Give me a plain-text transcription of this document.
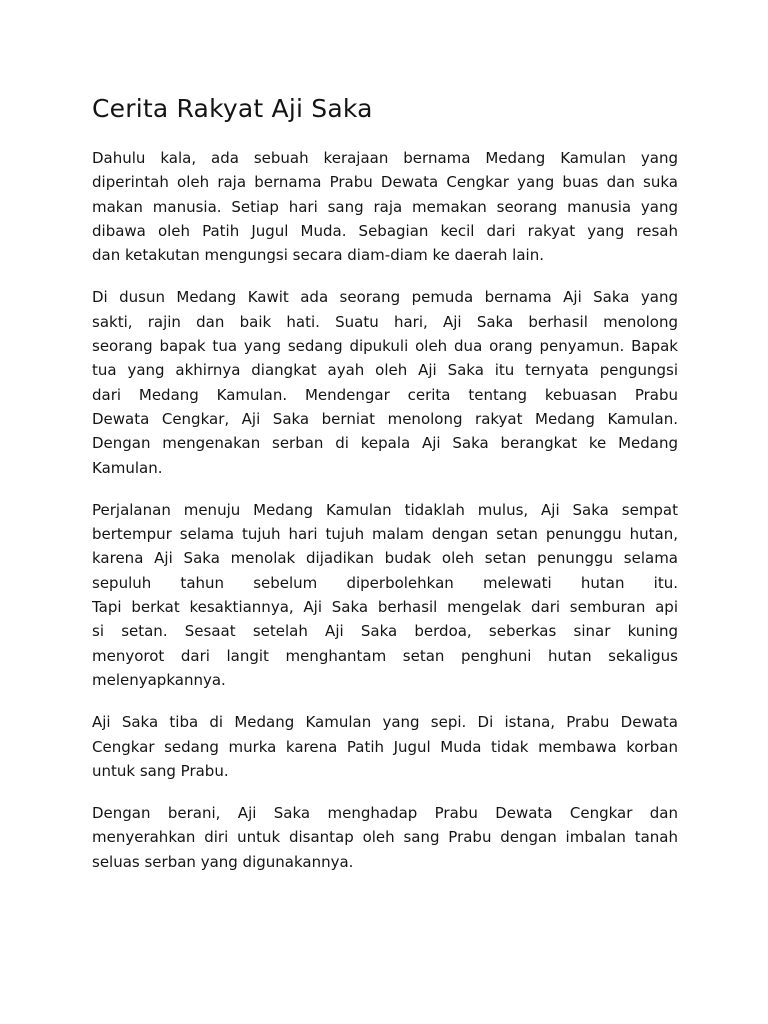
Cerita Rakyat Aji Saka
Dahulu kala, ada sebuah kerajaan bernama Medang Kamulan yang
diperintah oleh raja bernama Prabu Dewata Cengkar yang buas dan suka
makan manusia. Setiap hari sang raja memakan seorang manusia yang
dibawa oleh Patih Jugul Muda. Sebagian kecil dari rakyat yang resah
dan ketakutan mengungsi secara diam-diam ke daerah lain.
Di dusun Medang Kawit ada seorang pemuda bernama Aji Saka yang
sakti, rajin dan baik hati. Suatu hari, Aji Saka berhasil menolong
seorang bapak tua yang sedang dipukuli oleh dua orang penyamun. Bapak
tua yang akhirnya diangkat ayah oleh Aji Saka itu ternyata pengungsi
dari Medang Kamulan. Mendengar cerita tentang kebuasan Prabu
Dewata Cengkar, Aji Saka berniat menolong rakyat Medang Kamulan.
Dengan mengenakan serban di kepala Aji Saka berangkat ke Medang
Kamulan.
Perjalanan menuju Medang Kamulan tidaklah mulus, Aji Saka sempat
bertempur selama tujuh hari tujuh malam dengan setan penunggu hutan,
karena Aji Saka menolak dijadikan budak oleh setan penunggu selama
sepuluh tahun sebelum diperbolehkan melewati hutan itu.
Tapi berkat kesaktiannya, Aji Saka berhasil mengelak dari semburan api
si setan. Sesaat setelah Aji Saka berdoa, seberkas sinar kuning
menyorot dari langit menghantam setan penghuni hutan sekaligus
melenyapkannya.
Aji Saka tiba di Medang Kamulan yang sepi. Di istana, Prabu Dewata
Cengkar sedang murka karena Patih Jugul Muda tidak membawa korban
untuk sang Prabu.
Dengan berani, Aji Saka menghadap Prabu Dewata Cengkar dan
menyerahkan diri untuk disantap oleh sang Prabu dengan imbalan tanah
seluas serban yang digunakannya.
